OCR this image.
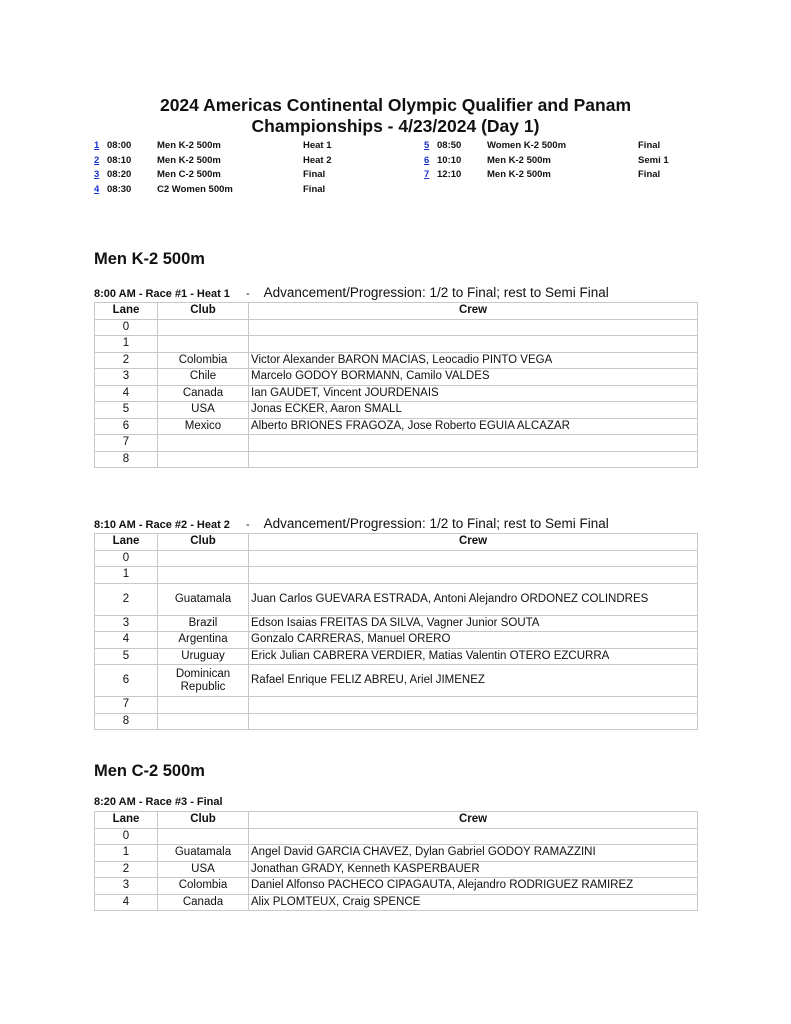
2024 Americas Continental Olympic Qualifier and Panam
Championships - 4/23/2024 (Day 1)
1 08:00	Men K-2 500m	Heat 1
2 08:10	Men K-2 500m	Heat 2
3 08:20	Men C-2 500m	Final
4 08:30	C2 Women 500m	Final
5 08:50	Women K-2 500m	Final
6 10:10	Men K-2 500m	Semi 1
7 12:10	Men K-2 500m	Final
Men K-2 500m
8:00 AM - Race #1 - Heat 1 - Advancement/Progression: 1/2 to Final; rest to Semi Final
Lane	Club	Crew
0		
1		
2	Colombia	Victor Alexander BARON MACIAS, Leocadio PINTO VEGA
3	Chile	Marcelo GODOY BORMANN, Camilo VALDES
4	Canada	Ian GAUDET, Vincent JOURDENAIS
5	USA	Jonas ECKER, Aaron SMALL
6	Mexico	Alberto BRIONES FRAGOZA, Jose Roberto EGUIA ALCAZAR
7		
8		
8:10 AM - Race #2 - Heat 2 - Advancement/Progression: 1/2 to Final; rest to Semi Final
Lane	Club	Crew
0		
1		
2	Guatamala	Juan Carlos GUEVARA ESTRADA, Antoni Alejandro ORDONEZ COLINDRES
3	Brazil	Edson Isaias FREITAS DA SILVA, Vagner Junior SOUTA
4	Argentina	Gonzalo CARRERAS, Manuel ORERO
5	Uruguay	Erick Julian CABRERA VERDIER, Matias Valentin OTERO EZCURRA
6	Dominican Republic	Rafael Enrique FELIZ ABREU, Ariel JIMENEZ
7		
8		
Men C-2 500m
8:20 AM - Race #3 - Final
Lane	Club	Crew
0		
1	Guatamala	Angel David GARCIA CHAVEZ, Dylan Gabriel GODOY RAMAZZINI
2	USA	Jonathan GRADY, Kenneth KASPERBAUER
3	Colombia	Daniel Alfonso PACHECO CIPAGAUTA, Alejandro RODRIGUEZ RAMIREZ
4	Canada	Alix PLOMTEUX, Craig SPENCE
